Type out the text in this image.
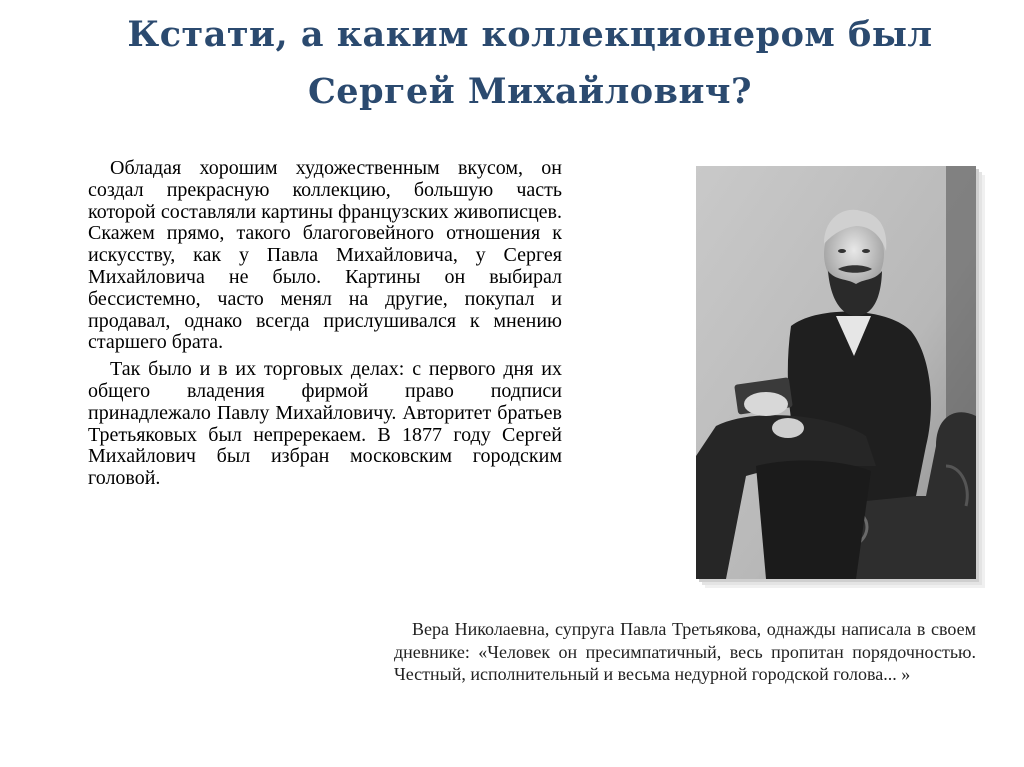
Кстати, а каким коллекционером был Сергей Михайлович?

Обладая хорошим художественным вкусом, он создал прекрасную коллекцию, большую часть которой составляли картины французских живописцев. Скажем прямо, такого благоговейного отношения к искусству, как у Павла Михайловича, у Сергея Михайловича не было. Картины он выбирал бессистемно, часто менял на другие, покупал и продавал, однако всегда прислушивался к мнению старшего брата.

Так было и в их торговых делах: с первого дня их общего владения фирмой право подписи принадлежало Павлу Михайловичу. Авторитет братьев Третьяковых был непререкаем. В 1877 году Сергей Михайлович был избран московским городским головой.

Вера Николаевна, супруга Павла Третьякова, однажды написала в своем дневнике: «Человек он пресимпатичный, весь пропитан порядочностью. Честный, исполнительный и весьма недурной городской голова... »
